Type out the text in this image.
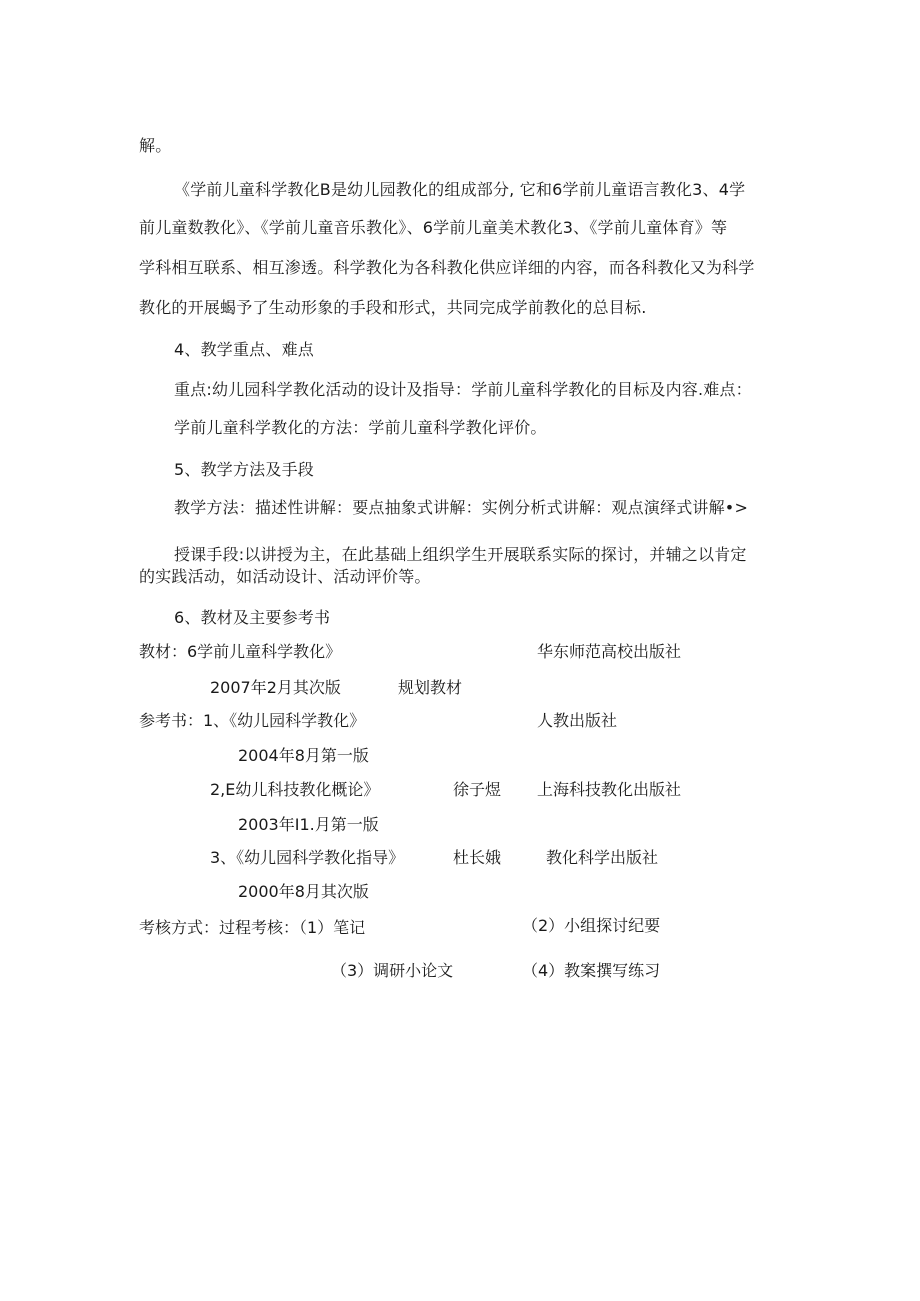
解。
《学前儿童科学教化B是幼儿园教化的组成部分, 它和6学前儿童语言教化3、4学
前儿童数教化》、《学前儿童音乐教化》、6学前儿童美术教化3、《学前儿童体育》等
学科相互联系、相互渗透。科学教化为各科教化供应详细的内容，而各科教化又为科学
教化的开展蝎予了生动形象的手段和形式，共同完成学前教化的总目标.
4、教学重点、难点
重点:幼儿园科学教化活动的设计及指导：学前儿童科学教化的目标及内容.难点：
学前儿童科学教化的方法：学前儿童科学教化评价。
5、教学方法及手段
教学方法：描述性讲解：要点抽象式讲解：实例分析式讲解：观点演绎式讲解•>
授课手段:以讲授为主，在此基础上组织学生开展联系实际的探讨，并辅之以肯定
的实践活动，如活动设计、活动评价等。
6、教材及主要参考书
教材：6学前儿童科学教化》	华东师范高校出版社
2007年2月其次版	规划教材
参考书：1、《幼儿园科学教化》	人教出版社
2004年8月第一版
2,E幼儿科技教化概论》	徐子煜 上海科技教化出版社
2003年I1.月第一版
3、《幼儿园科学教化指导》	杜长娥	教化科学出版社
2000年8月其次版
考核方式：过程考核：（1）笔记	（2）小组探讨纪要
（3）调研小论文	（4）教案撰写练习
